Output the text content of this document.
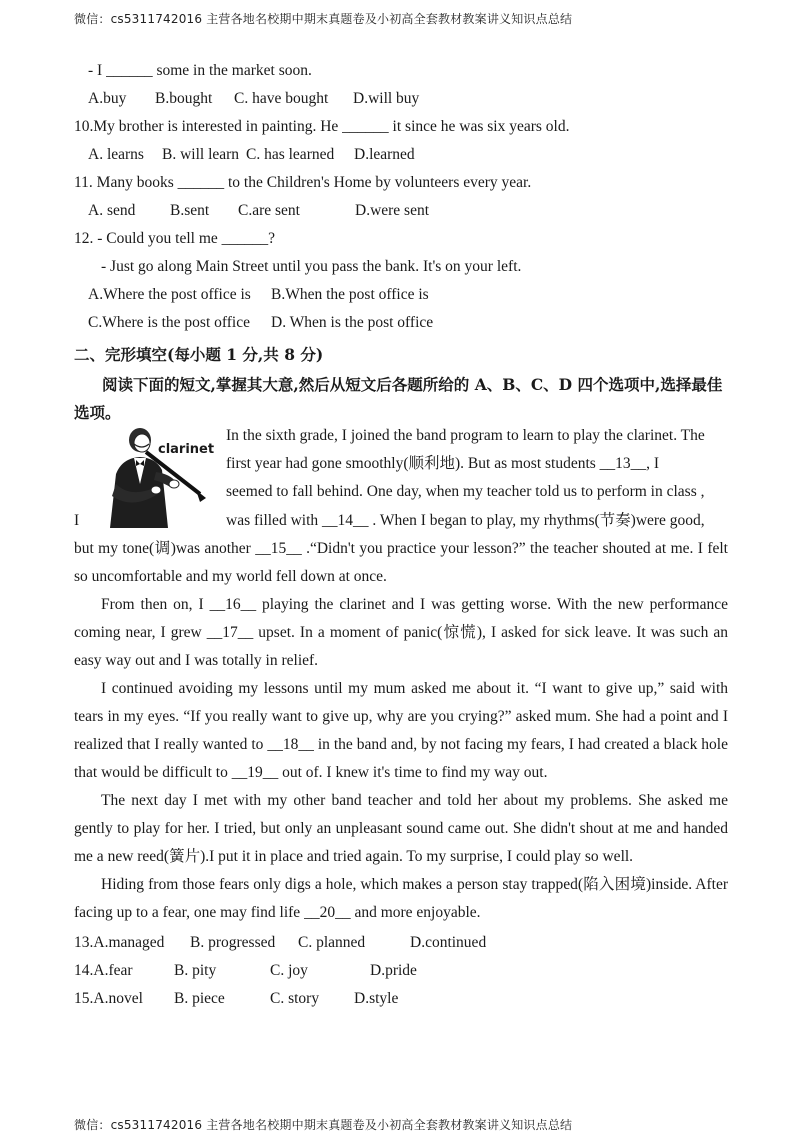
微信：cs5311742016 主营各地名校期中期末真题卷及小初高全套教材教案讲义知识点总结
- I ______ some in the market soon.
A.buy B.bought C. have bought D.will buy
10.My brother is interested in painting. He ______ it since he was six years old.
A. learns B. will learn C. has learned D.learned
11. Many books ______ to the Children's Home by volunteers every year.
A. send B.sent C.are sent	D.were sent
12. - Could you tell me ______?
- Just go along Main Street until you pass the bank. It's on your left.
A.Where the post office is B.When the post office is
C.Where is the post office D. When is the post office
二、完形填空(每小题 1 分,共 8 分)
阅读下面的短文,掌握其大意,然后从短文后各题所给的 A、B、C、D 四个选项中,选择最佳选项。
clarinet
In the sixth grade, I joined the band program to learn to play the clarinet. The
first year had gone smoothly(顺利地). But as most students __13__, I
seemed to fall behind. One day, when my teacher told us to perform in class ,
I	was filled with __14__ . When I began to play, my rhythms(节奏)were good,
but my tone(调)was another __15__ .“Didn't you practice your lesson?” the teacher shouted at me. I felt so uncomfortable and my world fell down at once.
From then on, I __16__ playing the clarinet and I was getting worse. With the new performance coming near, I grew __17__ upset. In a moment of panic(惊慌), I asked for sick leave. It was such an easy way out and I was totally in relief.
I continued avoiding my lessons until my mum asked me about it. “I want to give up,” said with tears in my eyes. “If you really want to give up, why are you crying?” asked mum. She had a point and I realized that I really wanted to __18__ in the band and, by not facing my fears, I had created a black hole that would be difficult to __19__ out of. I knew it's time to find my way out.
The next day I met with my other band teacher and told her about my problems. She asked me gently to play for her. I tried, but only an unpleasant sound came out. She didn't shout at me and handed me a new reed(簧片).I put it in place and tried again. To my surprise, I could play so well.
Hiding from those fears only digs a hole, which makes a person stay trapped(陷入困境)inside. After facing up to a fear, one may find life __20__ and more enjoyable.
13.A.managed B. progressed C. planned	D.continued
14.A.fear	B. pity	C. joy	D.pride
15.A.novel B. piece	C. story D.style
微信：cs5311742016 主营各地名校期中期末真题卷及小初高全套教材教案讲义知识点总结
